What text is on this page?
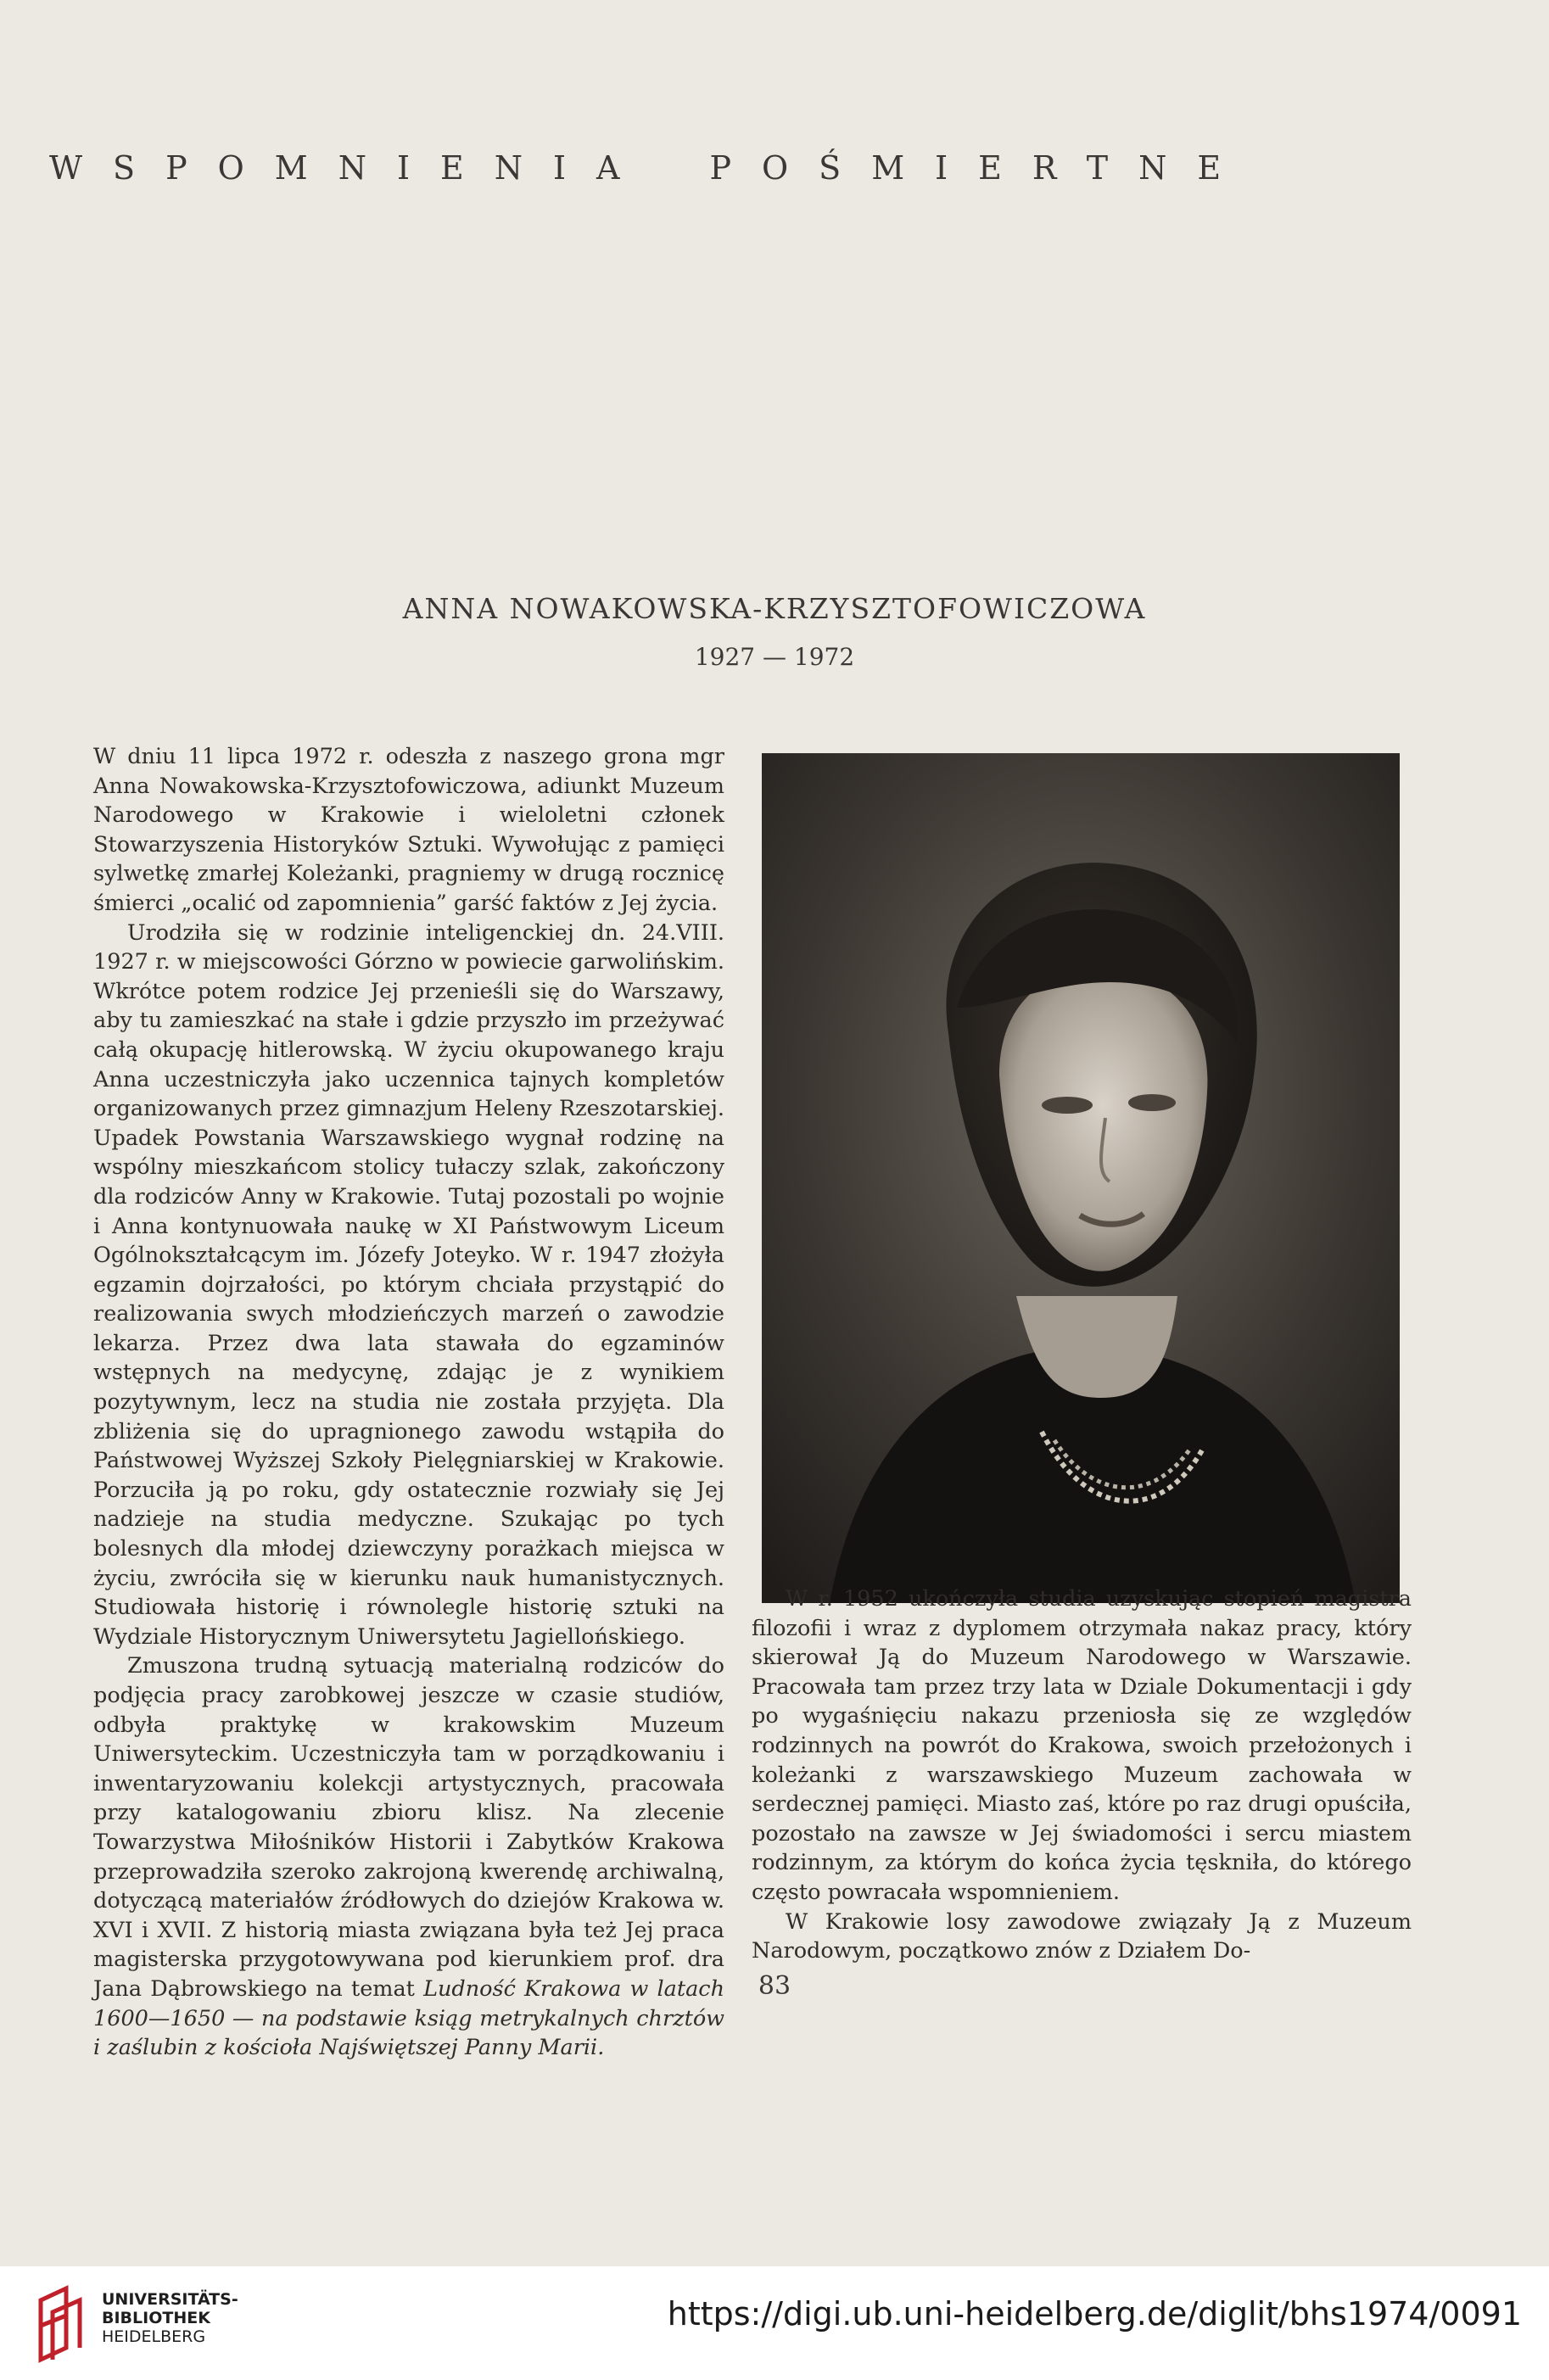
WSPOMNIENIA POŚMIERTNE
ANNA NOWAKOWSKA-KRZYSZTOFOWICZOWA
1927 — 1972

W dniu 11 lipca 1972 r. odeszła z naszego grona mgr Anna Nowakowska-Krzysztofowiczowa, adiunkt Muzeum Narodowego w Krakowie i wieloletni członek Stowarzyszenia Historyków Sztuki. Wywołując z pamięci sylwetkę zmarłej Koleżanki, pragniemy w drugą rocznicę śmierci „ocalić od zapomnienia” garść faktów z Jej życia.

Urodziła się w rodzinie inteligenckiej dn. 24.VIII. 1927 r. w miejscowości Górzno w powiecie garwolińskim. Wkrótce potem rodzice Jej przenieśli się do Warszawy, aby tu zamieszkać na stałe i gdzie przyszło im przeżywać całą okupację hitlerowską. W życiu okupowanego kraju Anna uczestniczyła jako uczennica tajnych kompletów organizowanych przez gimnazjum Heleny Rzeszotarskiej. Upadek Powstania Warszawskiego wygnał rodzinę na wspólny mieszkańcom stolicy tułaczy szlak, zakończony dla rodziców Anny w Krakowie. Tutaj pozostali po wojnie i Anna kontynuowała naukę w XI Państwowym Liceum Ogólnokształcącym im. Józefy Joteyko. W r. 1947 złożyła egzamin dojrzałości, po którym chciała przystąpić do realizowania swych młodzieńczych marzeń o zawodzie lekarza. Przez dwa lata stawała do egzaminów wstępnych na medycynę, zdając je z wynikiem pozytywnym, lecz na studia nie została przyjęta. Dla zbliżenia się do upragnionego zawodu wstąpiła do Państwowej Wyższej Szkoły Pielęgniarskiej w Krakowie. Porzuciła ją po roku, gdy ostatecznie rozwiały się Jej nadzieje na studia medyczne. Szukając po tych bolesnych dla młodej dziewczyny porażkach miejsca w życiu, zwróciła się w kierunku nauk humanistycznych. Studiowała historię i równolegle historię sztuki na Wydziale Historycznym Uniwersytetu Jagiellońskiego.

Zmuszona trudną sytuacją materialną rodziców do podjęcia pracy zarobkowej jeszcze w czasie studiów, odbyła praktykę w krakowskim Muzeum Uniwersyteckim. Uczestniczyła tam w porządkowaniu i inwentaryzowaniu kolekcji artystycznych, pracowała przy katalogowaniu zbioru klisz. Na zlecenie Towarzystwa Miłośników Historii i Zabytków Krakowa przeprowadziła szeroko zakrojoną kwerendę archiwalną, dotyczącą materiałów źródłowych do dziejów Krakowa w. XVI i XVII. Z historią miasta związana była też Jej praca magisterska przygotowywana pod kierunkiem prof. dra Jana Dąbrowskiego na temat Ludność Krakowa w latach 1600—1650 — na podstawie ksiąg metrykalnych chrztów i zaślubin z kościoła Najświętszej Panny Marii.

W r. 1952 ukończyła studia uzyskując stopień magistra filozofii i wraz z dyplomem otrzymała nakaz pracy, który skierował Ją do Muzeum Narodowego w Warszawie. Pracowała tam przez trzy lata w Dziale Dokumentacji i gdy po wygaśnięciu nakazu przeniosła się ze względów rodzinnych na powrót do Krakowa, swoich przełożonych i koleżanki z warszawskiego Muzeum zachowała w serdecznej pamięci. Miasto zaś, które po raz drugi opuściła, pozostało na zawsze w Jej świadomości i sercu miastem rodzinnym, za którym do końca życia tęskniła, do którego często powracała wspomnieniem.

W Krakowie losy zawodowe związały Ją z Muzeum Narodowym, początkowo znów z Działem Do-

83
UNIVERSITÄTS-
BIBLIOTHEK
HEIDELBERG
https://digi.ub.uni-heidelberg.de/diglit/bhs1974/0091
